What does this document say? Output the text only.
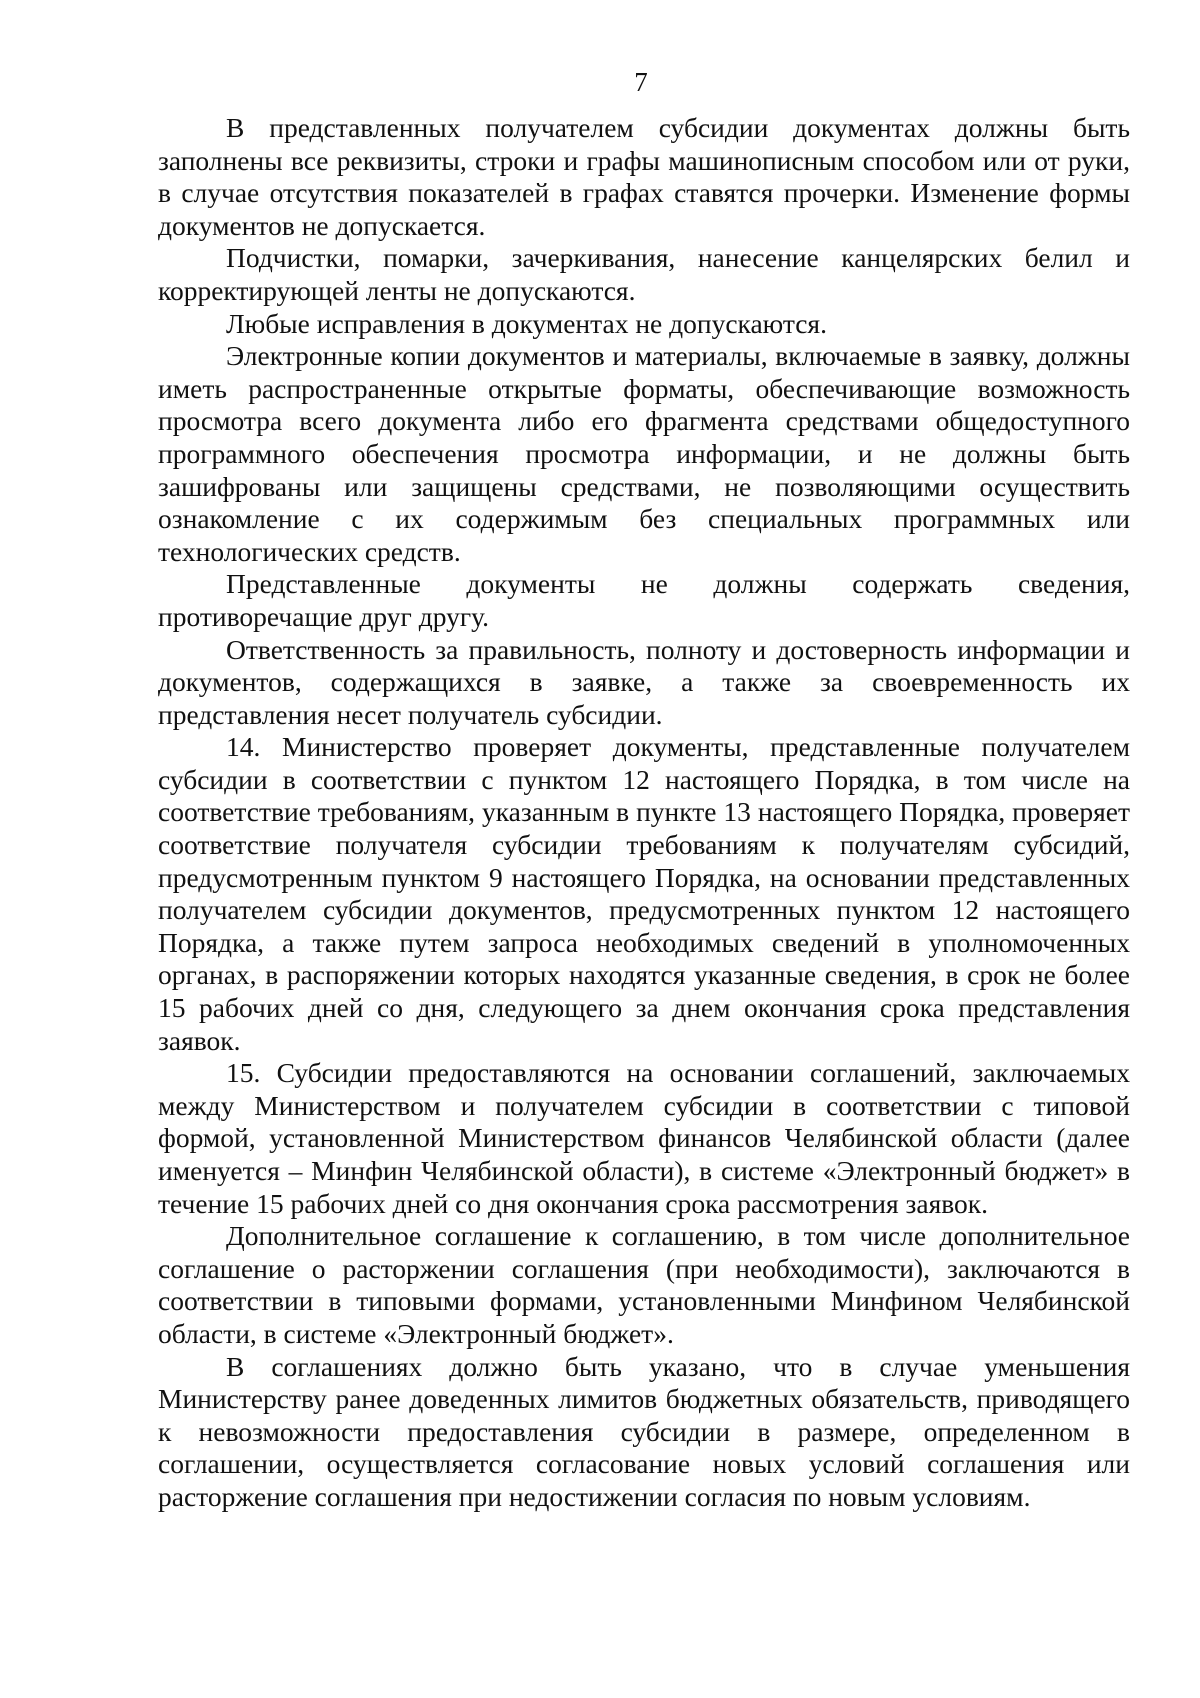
7

В представленных получателем субсидии документах должны быть заполнены все реквизиты, строки и графы машинописным способом или от руки, в случае отсутствия показателей в графах ставятся прочерки. Изменение формы документов не допускается.

Подчистки, помарки, зачеркивания, нанесение канцелярских белил и корректирующей ленты не допускаются.

Любые исправления в документах не допускаются.

Электронные копии документов и материалы, включаемые в заявку, должны иметь распространенные открытые форматы, обеспечивающие возможность просмотра всего документа либо его фрагмента средствами общедоступного программного обеспечения просмотра информации, и не должны быть зашифрованы или защищены средствами, не позволяющими осуществить ознакомление с их содержимым без специальных программных или технологических средств.

Представленные документы не должны содержать сведения, противоречащие друг другу.

Ответственность за правильность, полноту и достоверность информации и документов, содержащихся в заявке, а также за своевременность их представления несет получатель субсидии.

14. Министерство проверяет документы, представленные получателем субсидии в соответствии с пунктом 12 настоящего Порядка, в том числе на соответствие требованиям, указанным в пункте 13 настоящего Порядка, проверяет соответствие получателя субсидии требованиям к получателям субсидий, предусмотренным пунктом 9 настоящего Порядка, на основании представленных получателем субсидии документов, предусмотренных пунктом 12 настоящего Порядка, а также путем запроса необходимых сведений в уполномоченных органах, в распоряжении которых находятся указанные сведения, в срок не более 15 рабочих дней со дня, следующего за днем окончания срока представления заявок.

15. Субсидии предоставляются на основании соглашений, заключаемых между Министерством и получателем субсидии в соответствии с типовой формой, установленной Министерством финансов Челябинской области (далее именуется – Минфин Челябинской области), в системе «Электронный бюджет» в течение 15 рабочих дней со дня окончания срока рассмотрения заявок.

Дополнительное соглашение к соглашению, в том числе дополнительное соглашение о расторжении соглашения (при необходимости), заключаются в соответствии в типовыми формами, установленными Минфином Челябинской области, в системе «Электронный бюджет».

В соглашениях должно быть указано, что в случае уменьшения Министерству ранее доведенных лимитов бюджетных обязательств, приводящего к невозможности предоставления субсидии в размере, определенном в соглашении, осуществляется согласование новых условий соглашения или расторжение соглашения при недостижении согласия по новым условиям.
